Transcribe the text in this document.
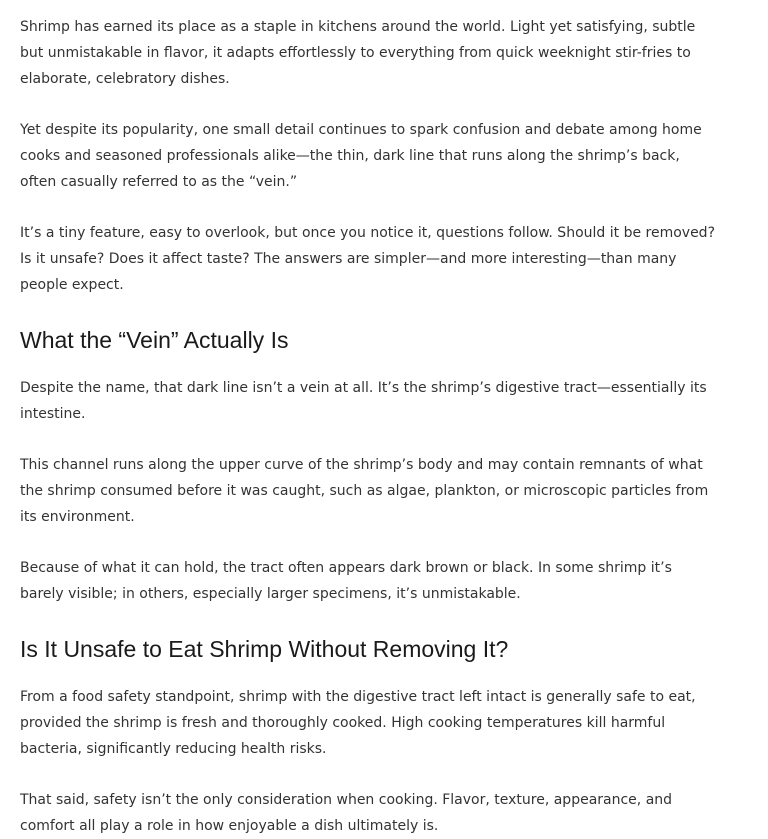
Shrimp has earned its place as a staple in kitchens around the world. Light yet satisfying, subtle but unmistakable in flavor, it adapts effortlessly to everything from quick weeknight stir-fries to elaborate, celebratory dishes.

Yet despite its popularity, one small detail continues to spark confusion and debate among home cooks and seasoned professionals alike—the thin, dark line that runs along the shrimp’s back, often casually referred to as the “vein.”

It’s a tiny feature, easy to overlook, but once you notice it, questions follow. Should it be removed? Is it unsafe? Does it affect taste? The answers are simpler—and more interesting—than many people expect.

What the “Vein” Actually Is

Despite the name, that dark line isn’t a vein at all. It’s the shrimp’s digestive tract—essentially its intestine.

This channel runs along the upper curve of the shrimp’s body and may contain remnants of what the shrimp consumed before it was caught, such as algae, plankton, or microscopic particles from its environment.

Because of what it can hold, the tract often appears dark brown or black. In some shrimp it’s barely visible; in others, especially larger specimens, it’s unmistakable.

Is It Unsafe to Eat Shrimp Without Removing It?

From a food safety standpoint, shrimp with the digestive tract left intact is generally safe to eat, provided the shrimp is fresh and thoroughly cooked. High cooking temperatures kill harmful bacteria, significantly reducing health risks.

That said, safety isn’t the only consideration when cooking. Flavor, texture, appearance, and comfort all play a role in how enjoyable a dish ultimately is.
